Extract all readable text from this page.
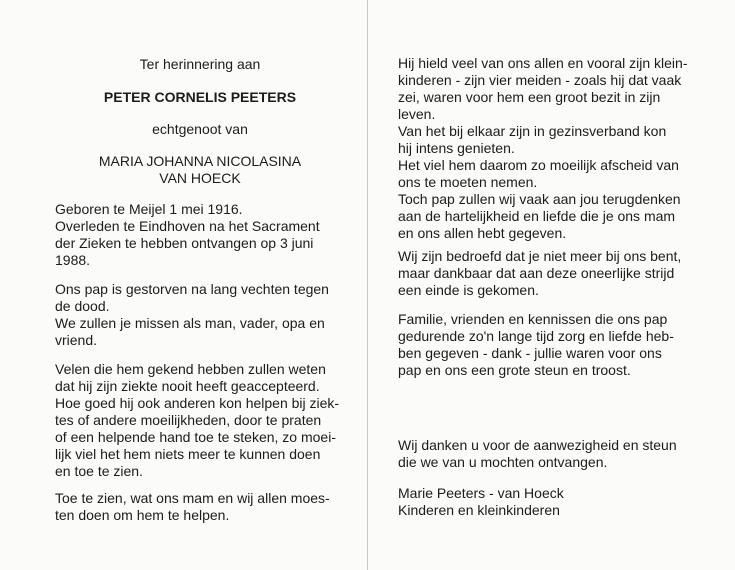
Ter herinnering aan
PETER CORNELIS PEETERS
echtgenoot van
MARIA JOHANNA NICOLASINA
VAN HOECK
Geboren te Meijel 1 mei 1916.
Overleden te Eindhoven na het Sacrament
der Zieken te hebben ontvangen op 3 juni
1988.
Ons pap is gestorven na lang vechten tegen
de dood.
We zullen je missen als man, vader, opa en
vriend.
Velen die hem gekend hebben zullen weten
dat hij zijn ziekte nooit heeft geaccepteerd.
Hoe goed hij ook anderen kon helpen bij ziek-
tes of andere moeilijkheden, door te praten
of een helpende hand toe te steken, zo moei-
lijk viel het hem niets meer te kunnen doen
en toe te zien.
Toe te zien, wat ons mam en wij allen moes-
ten doen om hem te helpen.
Hij hield veel van ons allen en vooral zijn klein-
kinderen - zijn vier meiden - zoals hij dat vaak
zei, waren voor hem een groot bezit in zijn
leven.
Van het bij elkaar zijn in gezinsverband kon
hij intens genieten.
Het viel hem daarom zo moeilijk afscheid van
ons te moeten nemen.
Toch pap zullen wij vaak aan jou terugdenken
aan de hartelijkheid en liefde die je ons mam
en ons allen hebt gegeven.
Wij zijn bedroefd dat je niet meer bij ons bent,
maar dankbaar dat aan deze oneerlijke strijd
een einde is gekomen.
Familie, vrienden en kennissen die ons pap
gedurende zo'n lange tijd zorg en liefde heb-
ben gegeven - dank - jullie waren voor ons
pap en ons een grote steun en troost.
Wij danken u voor de aanwezigheid en steun
die we van u mochten ontvangen.
Marie Peeters - van Hoeck
Kinderen en kleinkinderen
